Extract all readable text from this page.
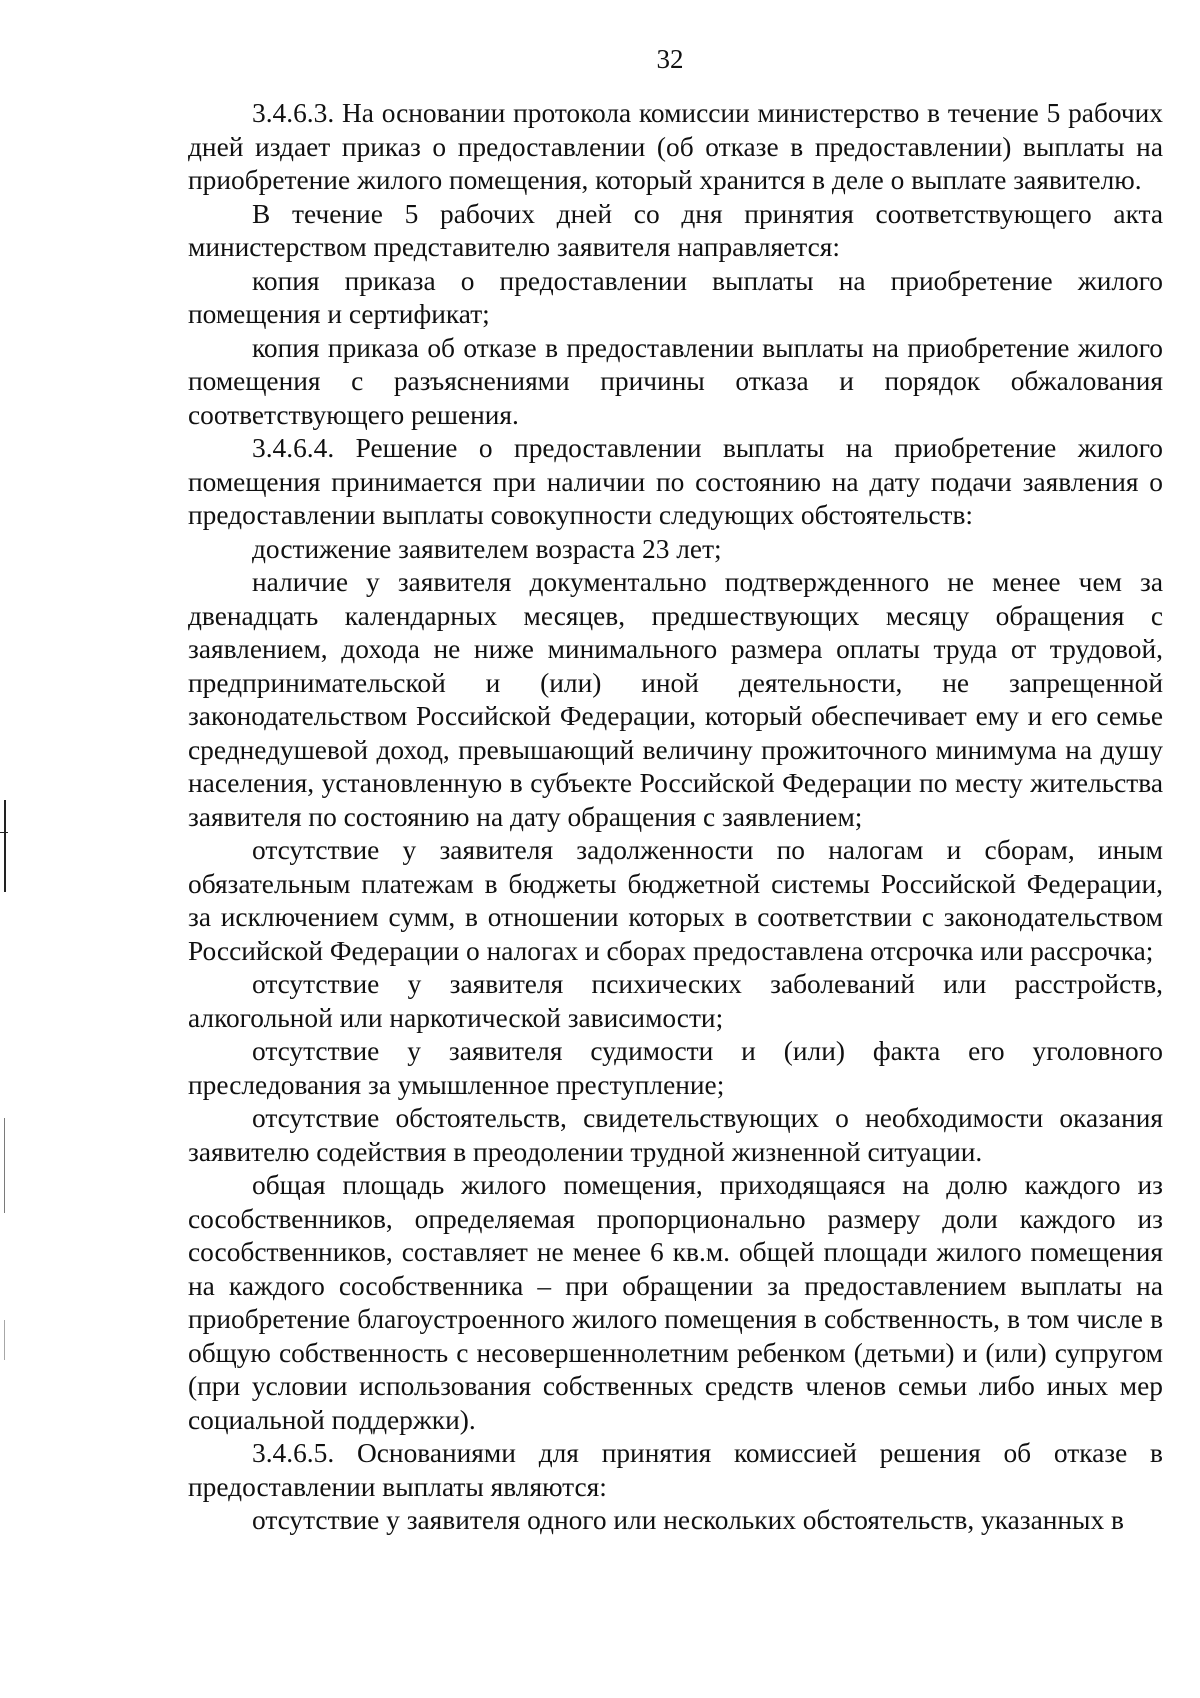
32

3.4.6.3. На основании протокола комиссии министерство в течение 5 рабочих дней издает приказ о предоставлении (об отказе в предоставлении) выплаты на приобретение жилого помещения, который хранится в деле о выплате заявителю.

В течение 5 рабочих дней со дня принятия соответствующего акта министерством представителю заявителя направляется:

копия приказа о предоставлении выплаты на приобретение жилого помещения и сертификат;

копия приказа об отказе в предоставлении выплаты на приобретение жилого помещения с разъяснениями причины отказа и порядок обжалования соответствующего решения.

3.4.6.4. Решение о предоставлении выплаты на приобретение жилого помещения принимается при наличии по состоянию на дату подачи заявления о предоставлении выплаты совокупности следующих обстоятельств:

достижение заявителем возраста 23 лет;

наличие у заявителя документально подтвержденного не менее чем за двенадцать календарных месяцев, предшествующих месяцу обращения с заявлением, дохода не ниже минимального размера оплаты труда от трудовой, предпринимательской и (или) иной деятельности, не запрещенной законодательством Российской Федерации, который обеспечивает ему и его семье среднедушевой доход, превышающий величину прожиточного минимума на душу населения, установленную в субъекте Российской Федерации по месту жительства заявителя по состоянию на дату обращения с заявлением;

отсутствие у заявителя задолженности по налогам и сборам, иным обязательным платежам в бюджеты бюджетной системы Российской Федерации, за исключением сумм, в отношении которых в соответствии с законодательством Российской Федерации о налогах и сборах предоставлена отсрочка или рассрочка;

отсутствие у заявителя психических заболеваний или расстройств, алкогольной или наркотической зависимости;

отсутствие у заявителя судимости и (или) факта его уголовного преследования за умышленное преступление;

отсутствие обстоятельств, свидетельствующих о необходимости оказания заявителю содействия в преодолении трудной жизненной ситуации.

общая площадь жилого помещения, приходящаяся на долю каждого из сособственников, определяемая пропорционально размеру доли каждого из сособственников, составляет не менее 6 кв.м. общей площади жилого помещения на каждого сособственника – при обращении за предоставлением выплаты на приобретение благоустроенного жилого помещения в собственность, в том числе в общую собственность с несовершеннолетним ребенком (детьми) и (или) супругом (при условии использования собственных средств членов семьи либо иных мер социальной поддержки).

3.4.6.5. Основаниями для принятия комиссией решения об отказе в предоставлении выплаты являются:

отсутствие у заявителя одного или нескольких обстоятельств, указанных в
